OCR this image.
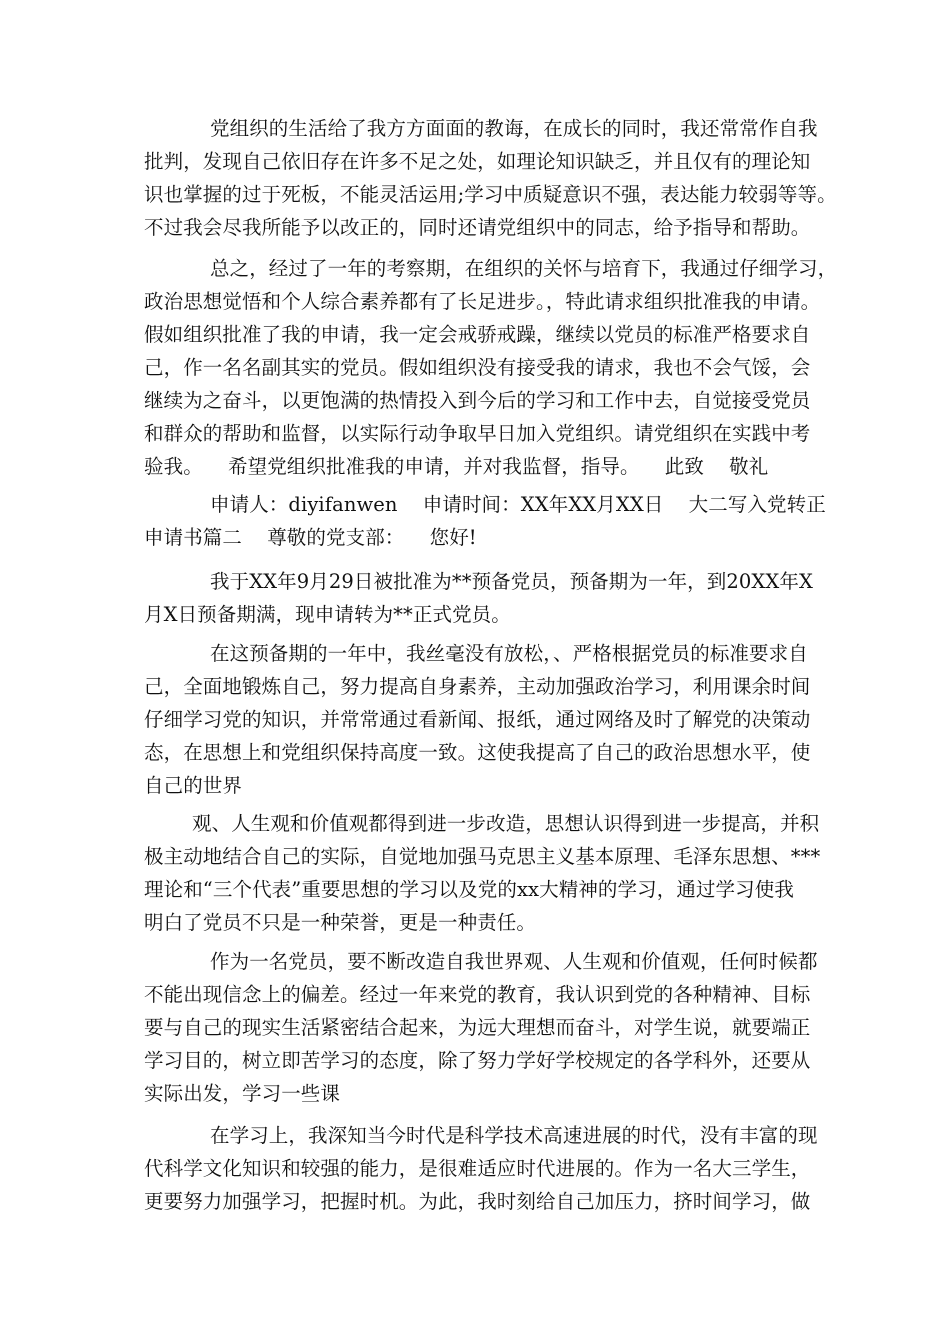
党组织的生活给了我方方面面的教诲，在成长的同时，我还常常作自我
批判，发现自己依旧存在许多不足之处，如理论知识缺乏，并且仅有的理论知
识也掌握的过于死板，不能灵活运用;学习中质疑意识不强，表达能力较弱等等。
不过我会尽我所能予以改正的，同时还请党组织中的同志，给予指导和帮助。
总之，经过了一年的考察期，在组织的关怀与培育下，我通过仔细学习，
政治思想觉悟和个人综合素养都有了长足进步。，特此请求组织批准我的申请。
假如组织批准了我的申请，我一定会戒骄戒躁，继续以党员的标准严格要求自
己，作一名名副其实的党员。假如组织没有接受我的请求，我也不会气馁，会
继续为之奋斗，以更饱满的热情投入到今后的学习和工作中去，自觉接受党员
和群众的帮助和监督，以实际行动争取早日加入党组织。请党组织在实践中考
验我。    希望党组织批准我的申请，并对我监督，指导。    此致    敬礼
申请人：diyifanwen    申请时间：XX年XX月XX日    大二写入党转正
申请书篇二    尊敬的党支部：    您好!
我于XX年9月29日被批准为**预备党员，预备期为一年，到20XX年X
月X日预备期满，现申请转为**正式党员。
在这预备期的一年中，我丝毫没有放松，、严格根据党员的标准要求自
己，全面地锻炼自己，努力提高自身素养，主动加强政治学习，利用课余时间
仔细学习党的知识，并常常通过看新闻、报纸，通过网络及时了解党的决策动
态，在思想上和党组织保持高度一致。这使我提高了自己的政治思想水平，使
自己的世界
观、人生观和价值观都得到进一步改造，思想认识得到进一步提高，并积
极主动地结合自己的实际，自觉地加强马克思主义基本原理、毛泽东思想、***
理论和“三个代表”重要思想的学习以及党的xx大精神的学习，通过学习使我
明白了党员不只是一种荣誉，更是一种责任。
作为一名党员，要不断改造自我世界观、人生观和价值观，任何时候都
不能出现信念上的偏差。经过一年来党的教育，我认识到党的各种精神、目标
要与自己的现实生活紧密结合起来，为远大理想而奋斗，对学生说，就要端正
学习目的，树立即苦学习的态度，除了努力学好学校规定的各学科外，还要从
实际出发，学习一些课
在学习上，我深知当今时代是科学技术高速进展的时代，没有丰富的现
代科学文化知识和较强的能力，是很难适应时代进展的。作为一名大三学生，
更要努力加强学习，把握时机。为此，我时刻给自己加压力，挤时间学习，做
